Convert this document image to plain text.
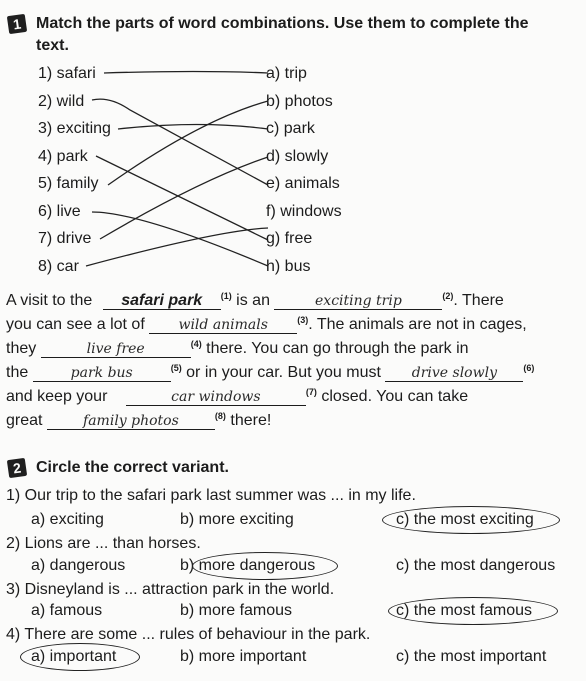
1 Match the parts of word combinations. Use them to complete the
text.
1) safari
2) wild
3) exciting
4) park
5) family
6) live
7) drive
8) car
a) trip
b) photos
c) park
d) slowly
e) animals
f) windows
g) free
h) bus
A visit to the safari park $^{(1)}$ is an	exciting trip	$^{(2)}$. There
you can see a lot of wild animals	$^{(3)}$. The animals are not in cages,
they	live free	$^{(4)}$ there. You can go through the park in
the	park bus	$^{(5)}$ or in your car. But you must drive slowly	$^{(6)}$
and keep your	car windows	$^{(7)}$ closed. You can take
great	family photos	$^{(8)}$ there!
2 Circle the correct variant.
1) Our trip to the safari park last summer was ... in my life.
a) exciting	b) more exciting	c) the most exciting
2) Lions are ... than horses.
a) dangerous	b) more dangerous	c) the most dangerous
3) Disneyland is ... attraction park in the world.
a) famous	b) more famous	c) the most famous
4) There are some ... rules of behaviour in the park.
a) important	b) more important	c) the most important
